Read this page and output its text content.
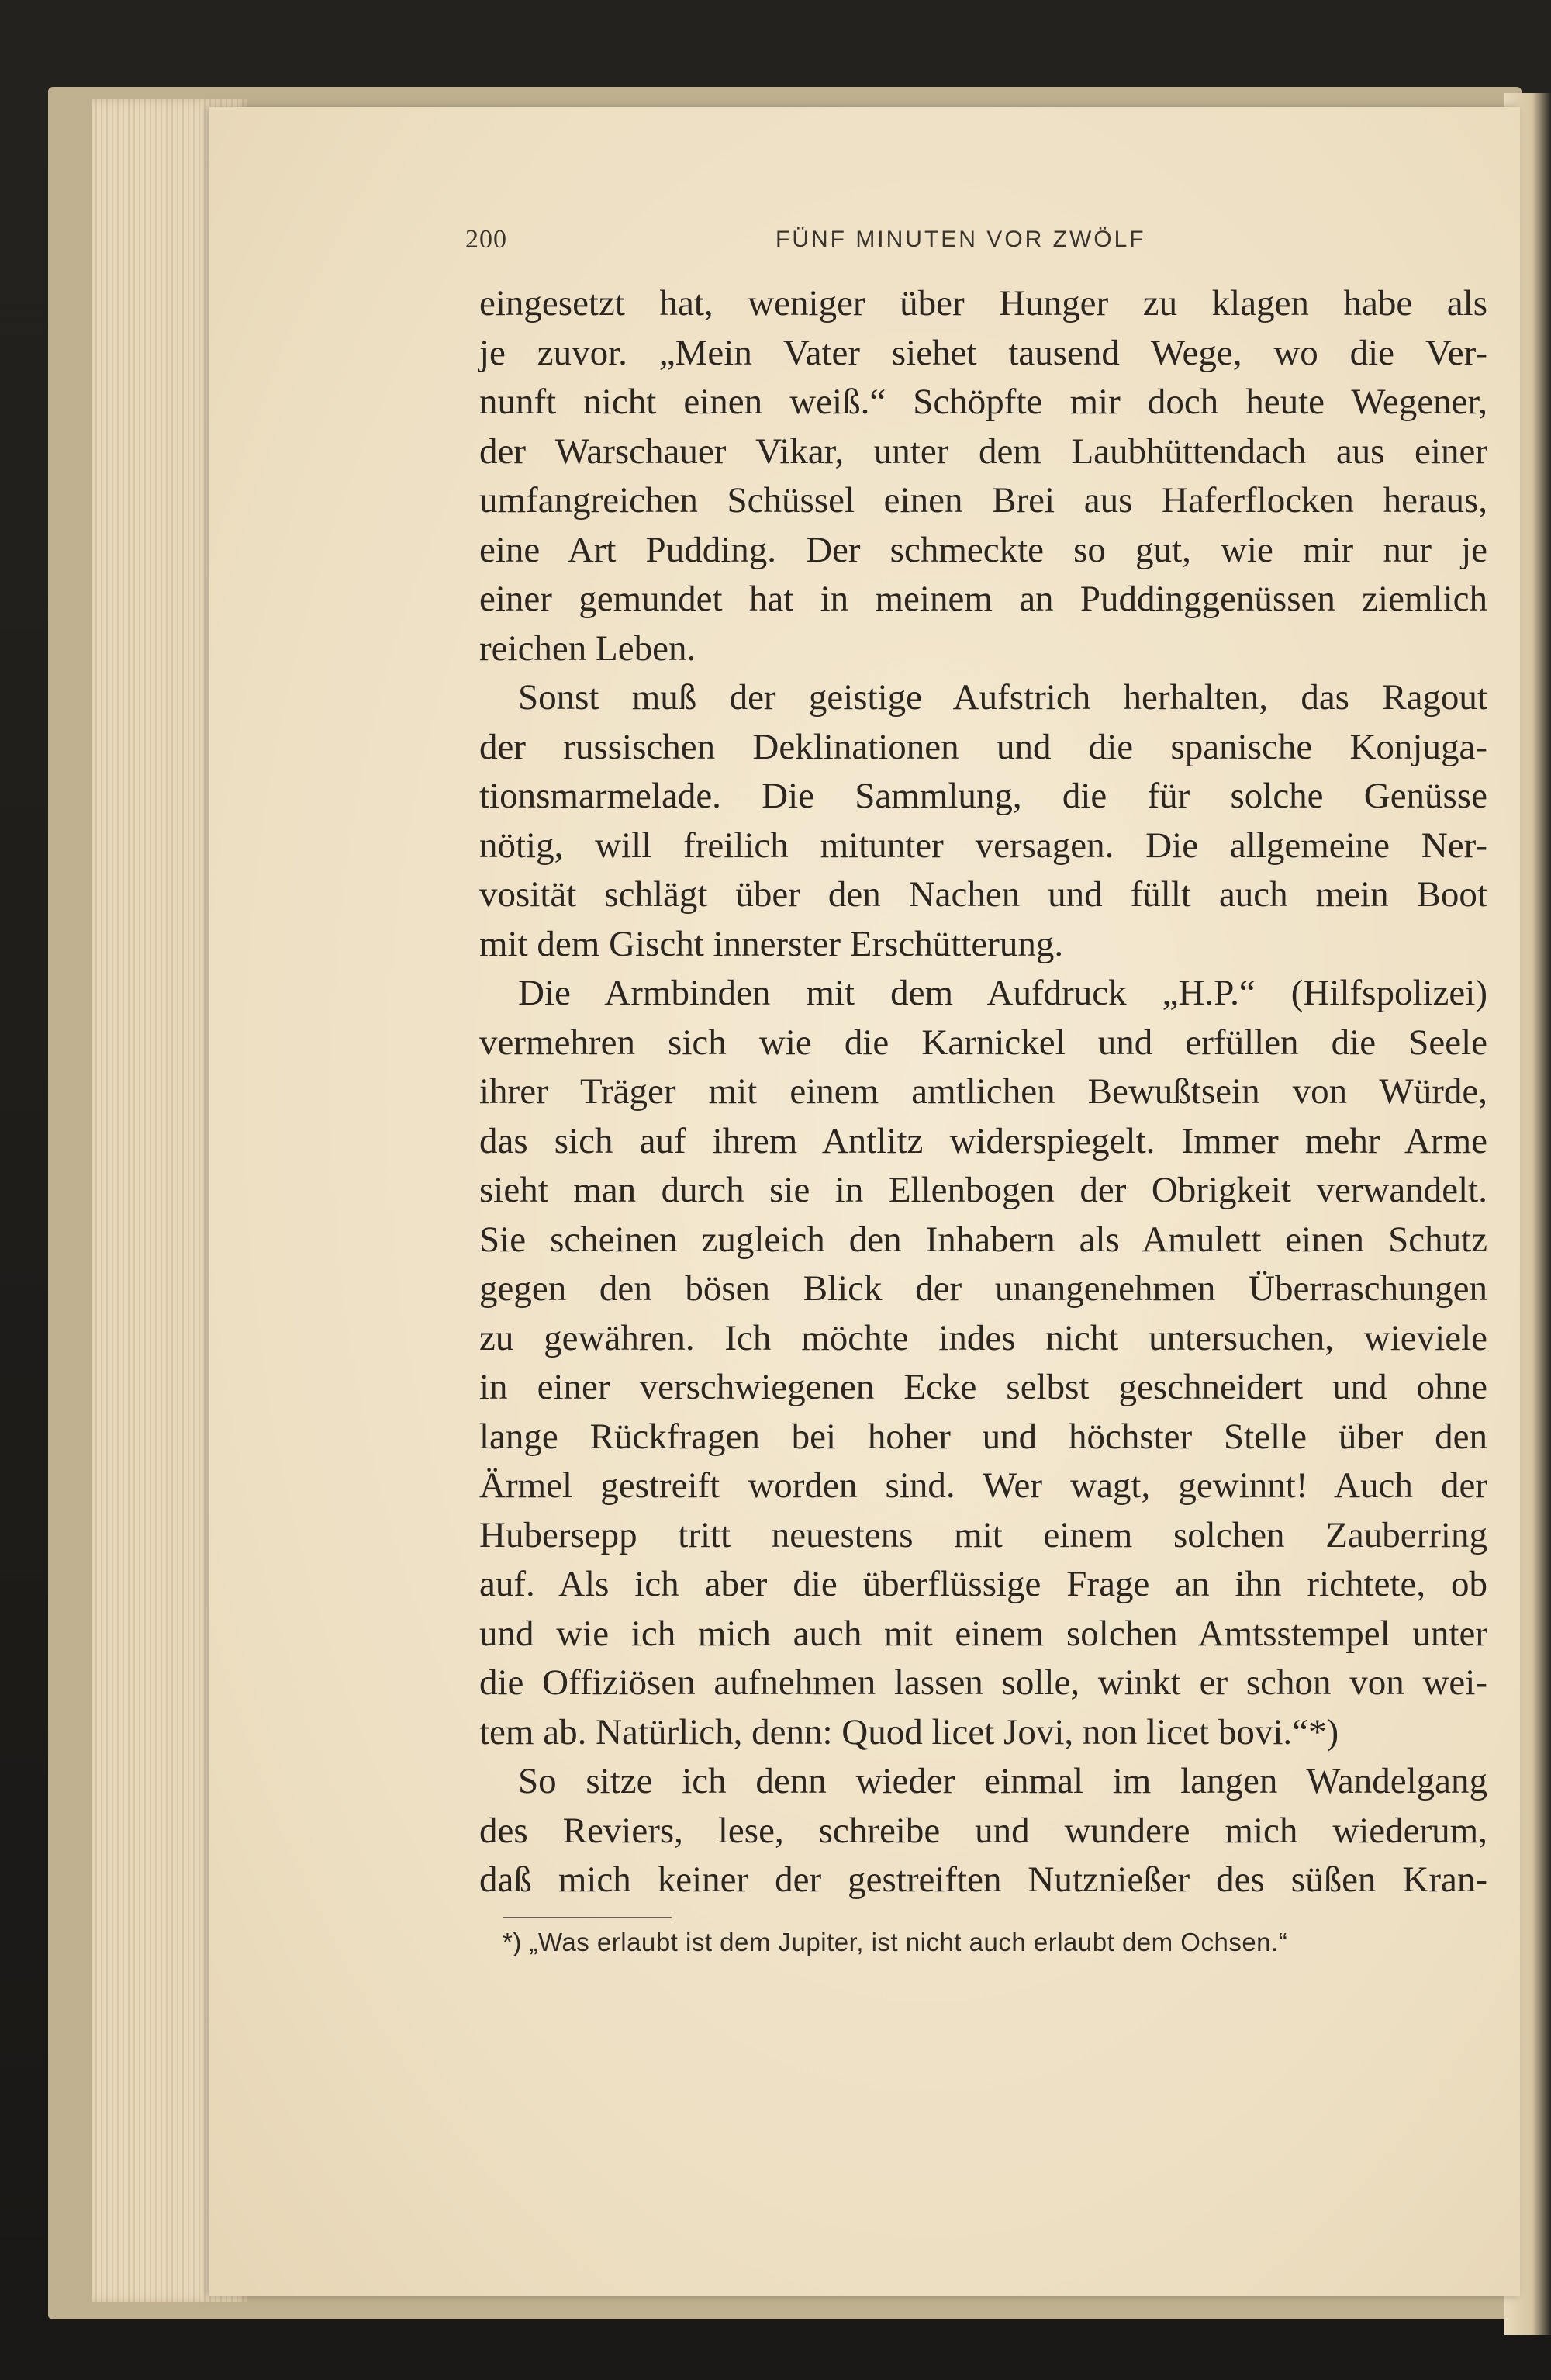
200	FÜNF MINUTEN VOR ZWÖLF
eingesetzt hat, weniger über Hunger zu klagen habe als
je zuvor. „Mein Vater siehet tausend Wege, wo die Ver-
nunft nicht einen weiß.“ Schöpfte mir doch heute Wegener,
der Warschauer Vikar, unter dem Laubhüttendach aus einer
umfangreichen Schüssel einen Brei aus Haferflocken heraus,
eine Art Pudding. Der schmeckte so gut, wie mir nur je
einer gemundet hat in meinem an Puddinggenüssen ziemlich
reichen Leben.
Sonst muß der geistige Aufstrich herhalten, das Ragout
der russischen Deklinationen und die spanische Konjuga-
tionsmarmelade. Die Sammlung, die für solche Genüsse
nötig, will freilich mitunter versagen. Die allgemeine Ner-
vosität schlägt über den Nachen und füllt auch mein Boot
mit dem Gischt innerster Erschütterung.
Die Armbinden mit dem Aufdruck „H.P.“ (Hilfspolizei)
vermehren sich wie die Karnickel und erfüllen die Seele
ihrer Träger mit einem amtlichen Bewußtsein von Würde,
das sich auf ihrem Antlitz widerspiegelt. Immer mehr Arme
sieht man durch sie in Ellenbogen der Obrigkeit verwandelt.
Sie scheinen zugleich den Inhabern als Amulett einen Schutz
gegen den bösen Blick der unangenehmen Überraschungen
zu gewähren. Ich möchte indes nicht untersuchen, wieviele
in einer verschwiegenen Ecke selbst geschneidert und ohne
lange Rückfragen bei hoher und höchster Stelle über den
Ärmel gestreift worden sind. Wer wagt, gewinnt! Auch der
Hubersepp tritt neuestens mit einem solchen Zauberring
auf. Als ich aber die überflüssige Frage an ihn richtete, ob
und wie ich mich auch mit einem solchen Amtsstempel unter
die Offiziösen aufnehmen lassen solle, winkt er schon von wei-
tem ab. Natürlich, denn: Quod licet Jovi, non licet bovi.“*)
So sitze ich denn wieder einmal im langen Wandelgang
des Reviers, lese, schreibe und wundere mich wiederum,
daß mich keiner der gestreiften Nutznießer des süßen Kran-
*) „Was erlaubt ist dem Jupiter, ist nicht auch erlaubt dem Ochsen.“
